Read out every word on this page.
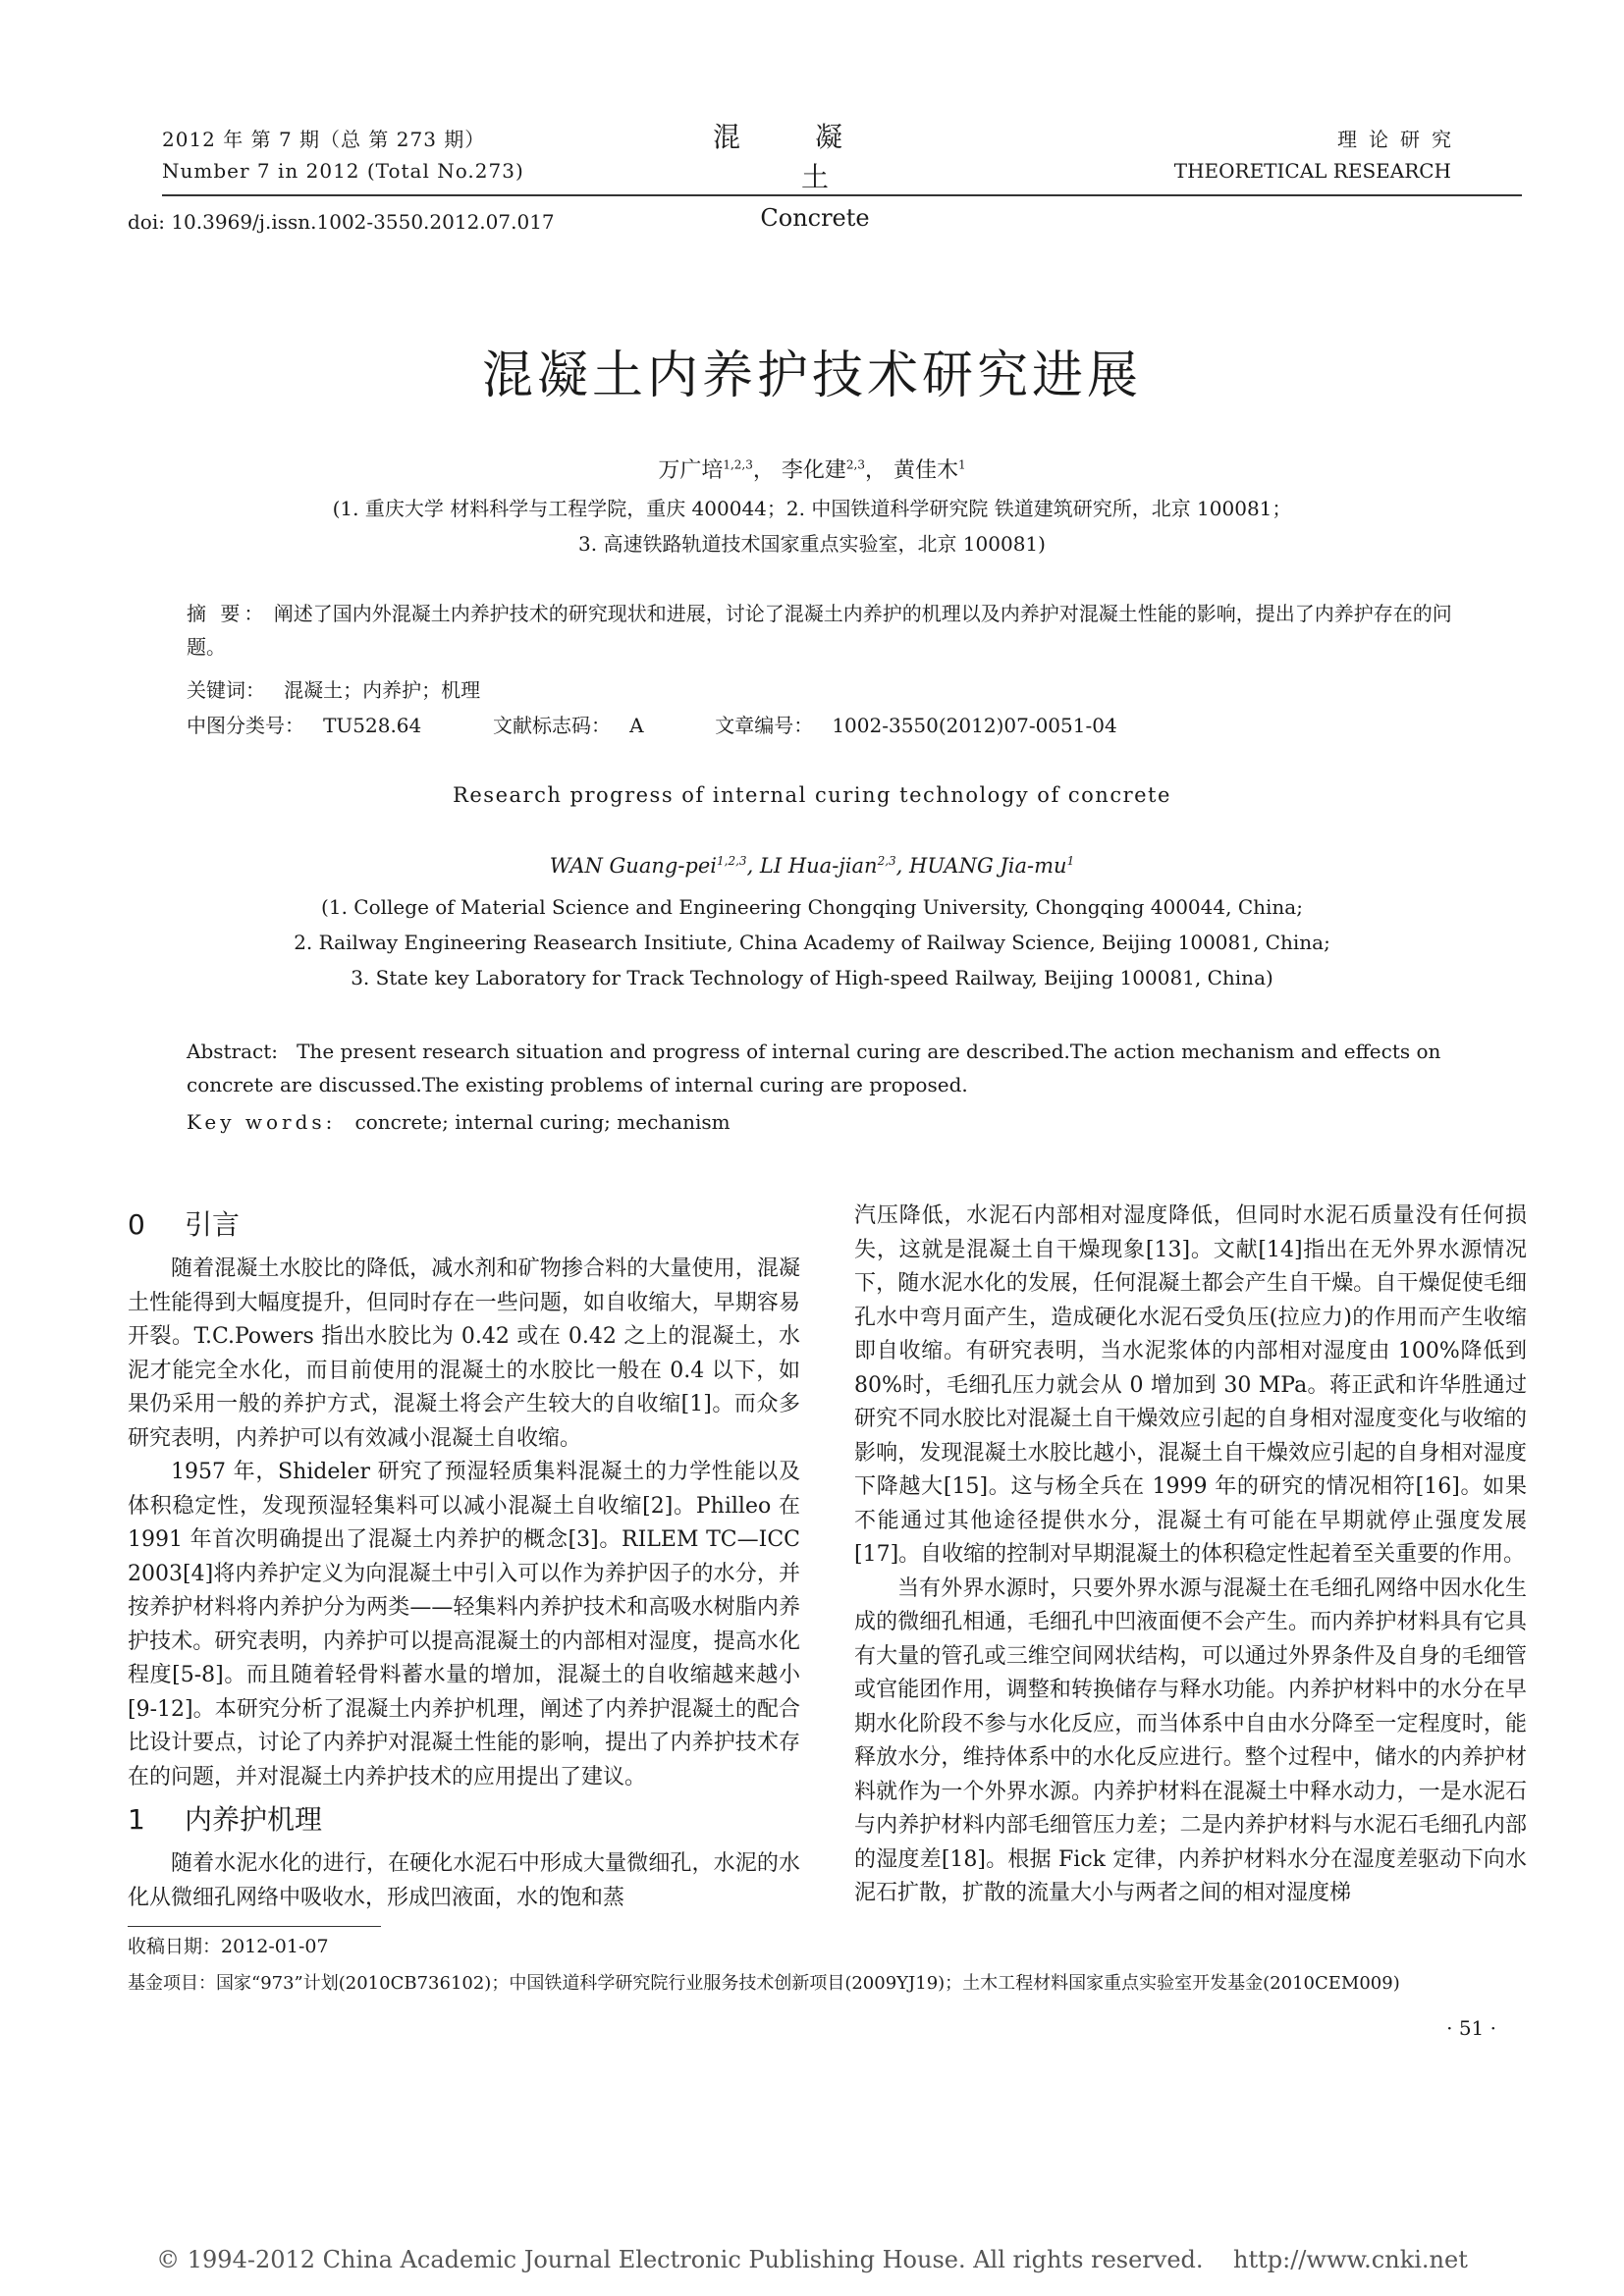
2012 年 第 7 期（总 第 273 期）
Number 7 in 2012 (Total No.273)
混凝土
Concrete
理论研究
THEORETICAL RESEARCH
doi: 10.3969/j.issn.1002-3550.2012.07.017
混凝土内养护技术研究进展
万广培$^{1,2,3}$， 李化建$^{2,3}$， 黄佳木$^1$
(1. 重庆大学 材料科学与工程学院，重庆 400044；2. 中国铁道科学研究院 铁道建筑研究所，北京 100081；
3. 高速铁路轨道技术国家重点实验室，北京 100081)
摘 要： 阐述了国内外混凝土内养护技术的研究现状和进展，讨论了混凝土内养护的机理以及内养护对混凝土性能的影响，提出了内养护存在的问题。
关键词： 混凝土；内养护；机理
中图分类号： TU528.64	文献标志码： A	文章编号： 1002-3550(2012)07-0051-04
Research progress of internal curing technology of concrete
WAN Guang-pei$^{1,2,3}$, LI Hua-jian$^{2,3}$, HUANG Jia-$mu^1$
(1. College of Material Science and Engineering Chongqing University, Chongqing 400044, China;
2. Railway Engineering Reasearch Insitiute, China Academy of Railway Science, Beijing 100081, China;
3. State key Laboratory for Track Technology of High-speed Railway, Beijing 100081, China)
Abstract: The present research situation and progress of internal curing are described.The action mechanism and effects on concrete are discussed.The existing problems of internal curing are proposed.
Key words: concrete; internal curing; mechanism
0 引言

随着混凝土水胶比的降低，减水剂和矿物掺合料的大量使用，混凝土性能得到大幅度提升，但同时存在一些问题，如自收缩大，早期容易开裂。T.C.Powers 指出水胶比为 0.42 或在 0.42 之上的混凝土，水泥才能完全水化，而目前使用的混凝土的水胶比一般在 0.4 以下，如果仍采用一般的养护方式，混凝土将会产生较大的自收缩[1]。而众多研究表明，内养护可以有效减小混凝土自收缩。

1957 年，Shideler 研究了预湿轻质集料混凝土的力学性能以及体积稳定性，发现预湿轻集料可以减小混凝土自收缩[2]。Philleo 在 1991 年首次明确提出了混凝土内养护的概念[3]。RILEM TC—ICC 2003[4]将内养护定义为向混凝土中引入可以作为养护因子的水分，并按养护材料将内养护分为两类——轻集料内养护技术和高吸水树脂内养护技术。研究表明，内养护可以提高混凝土的内部相对湿度，提高水化程度[5-8]。而且随着轻骨料蓄水量的增加，混凝土的自收缩越来越小[9-12]。本研究分析了混凝土内养护机理，阐述了内养护混凝土的配合比设计要点，讨论了内养护对混凝土性能的影响，提出了内养护技术存在的问题，并对混凝土内养护技术的应用提出了建议。

1 内养护机理

随着水泥水化的进行，在硬化水泥石中形成大量微细孔，水泥的水化从微细孔网络中吸收水，形成凹液面，水的饱和蒸

汽压降低，水泥石内部相对湿度降低，但同时水泥石质量没有任何损失，这就是混凝土自干燥现象[13]。文献[14]指出在无外界水源情况下，随水泥水化的发展，任何混凝土都会产生自干燥。自干燥促使毛细孔水中弯月面产生，造成硬化水泥石受负压(拉应力)的作用而产生收缩即自收缩。有研究表明，当水泥浆体的内部相对湿度由 100%降低到 80%时，毛细孔压力就会从 0 增加到 30 MPa。蒋正武和许华胜通过研究不同水胶比对混凝土自干燥效应引起的自身相对湿度变化与收缩的影响，发现混凝土水胶比越小，混凝土自干燥效应引起的自身相对湿度下降越大[15]。这与杨全兵在 1999 年的研究的情况相符[16]。如果不能通过其他途径提供水分，混凝土有可能在早期就停止强度发展[17]。自收缩的控制对早期混凝土的体积稳定性起着至关重要的作用。

当有外界水源时，只要外界水源与混凝土在毛细孔网络中因水化生成的微细孔相通，毛细孔中凹液面便不会产生。而内养护材料具有它具有大量的管孔或三维空间网状结构，可以通过外界条件及自身的毛细管或官能团作用，调整和转换储存与释水功能。内养护材料中的水分在早期水化阶段不参与水化反应，而当体系中自由水分降至一定程度时，能释放水分，维持体系中的水化反应进行。整个过程中，储水的内养护材料就作为一个外界水源。内养护材料在混凝土中释水动力，一是水泥石与内养护材料内部毛细管压力差；二是内养护材料与水泥石毛细孔内部的湿度差[18]。根据 Fick 定律，内养护材料水分在湿度差驱动下向水泥石扩散，扩散的流量大小与两者之间的相对湿度梯

收稿日期：2012-01-07
基金项目：国家“973”计划(2010CB736102)；中国铁道科学研究院行业服务技术创新项目(2009YJ19)；土木工程材料国家重点实验室开发基金(2010CEM009)
· 51 ·
© 1994-2012 China Academic Journal Electronic Publishing House. All rights reserved.    http://www.cnki.net
